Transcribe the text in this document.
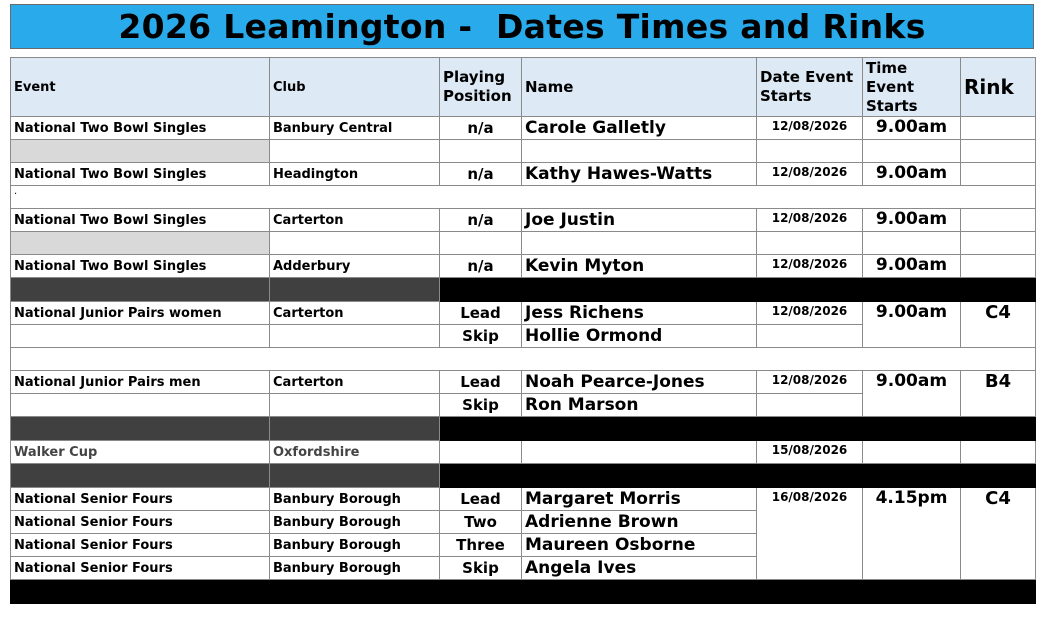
2026 Leamington -  Dates Times and Rinks
Event	Club	Playing Position	Name	Date Event Starts	Time Event Starts	Rink
National Two Bowl Singles	Banbury Central	n/a	Carole Galletly	12/08/2026	9.00am	

National Two Bowl Singles	Headington	n/a	Kathy Hawes-Watts	12/08/2026	9.00am	
.						
National Two Bowl Singles	Carterton	n/a	Joe Justin	12/08/2026	9.00am	

National Two Bowl Singles	Adderbury	n/a	Kevin Myton	12/08/2026	9.00am	

National Junior Pairs women	Carterton	Lead	Jess Richens	12/08/2026	9.00am	C4
		Skip	Hollie Ormond			

National Junior Pairs men	Carterton	Lead	Noah Pearce-Jones	12/08/2026	9.00am	B4
		Skip	Ron Marson			

Walker Cup	Oxfordshire			15/08/2026		

National Senior Fours	Banbury Borough	Lead	Margaret Morris	16/08/2026	4.15pm	C4
National Senior Fours	Banbury Borough	Two	Adrienne Brown			
National Senior Fours	Banbury Borough	Three	Maureen Osborne			
National Senior Fours	Banbury Borough	Skip	Angela Ives			
